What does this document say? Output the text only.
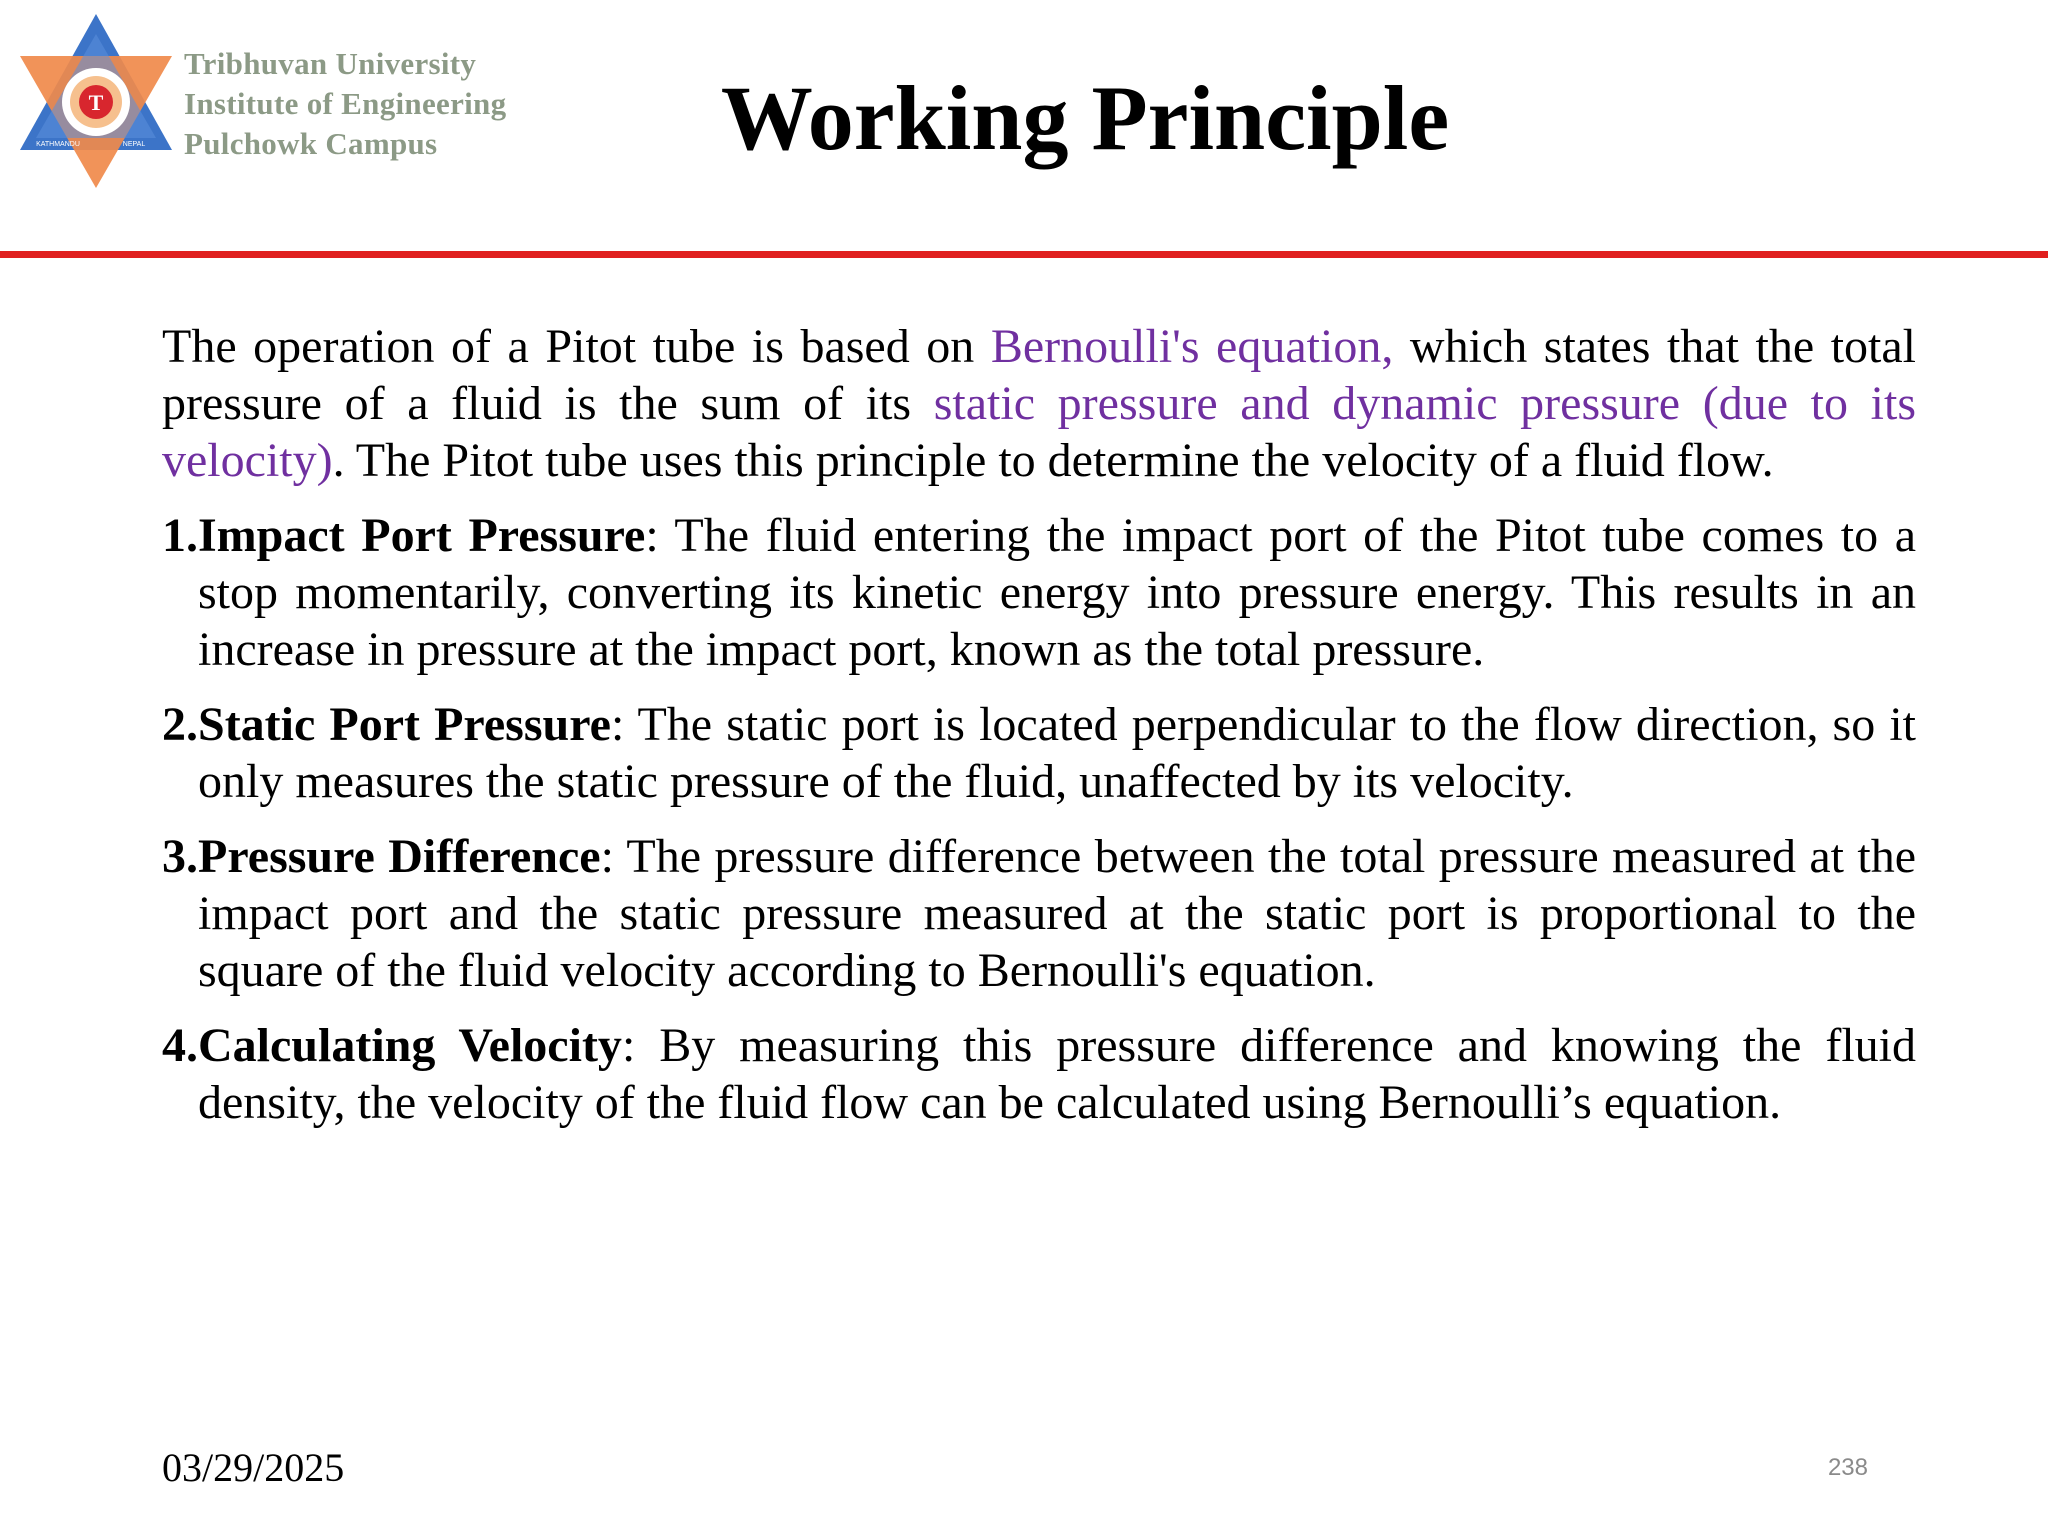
T
KATHMANDU	NEPAL
Tribhuvan University
Institute of Engineering
Pulchowk Campus	Working Principle

The operation of a Pitot tube is based on Bernoulli's equation, which states that the total pressure of a fluid is the sum of its static pressure and dynamic pressure (due to its velocity). The Pitot tube uses this principle to determine the velocity of a fluid flow.

1.Impact Port Pressure: The fluid entering the impact port of the Pitot tube comes to a stop momentarily, converting its kinetic energy into pressure energy. This results in an increase in pressure at the impact port, known as the total pressure.
2.Static Port Pressure: The static port is located perpendicular to the flow direction, so it only measures the static pressure of the fluid, unaffected by its velocity.
3.Pressure Difference: The pressure difference between the total pressure measured at the impact port and the static pressure measured at the static port is proportional to the square of the fluid velocity according to Bernoulli's equation.
4.Calculating Velocity: By measuring this pressure difference and knowing the fluid density, the velocity of the fluid flow can be calculated using Bernoulli’s equation.
03/29/2025	238
